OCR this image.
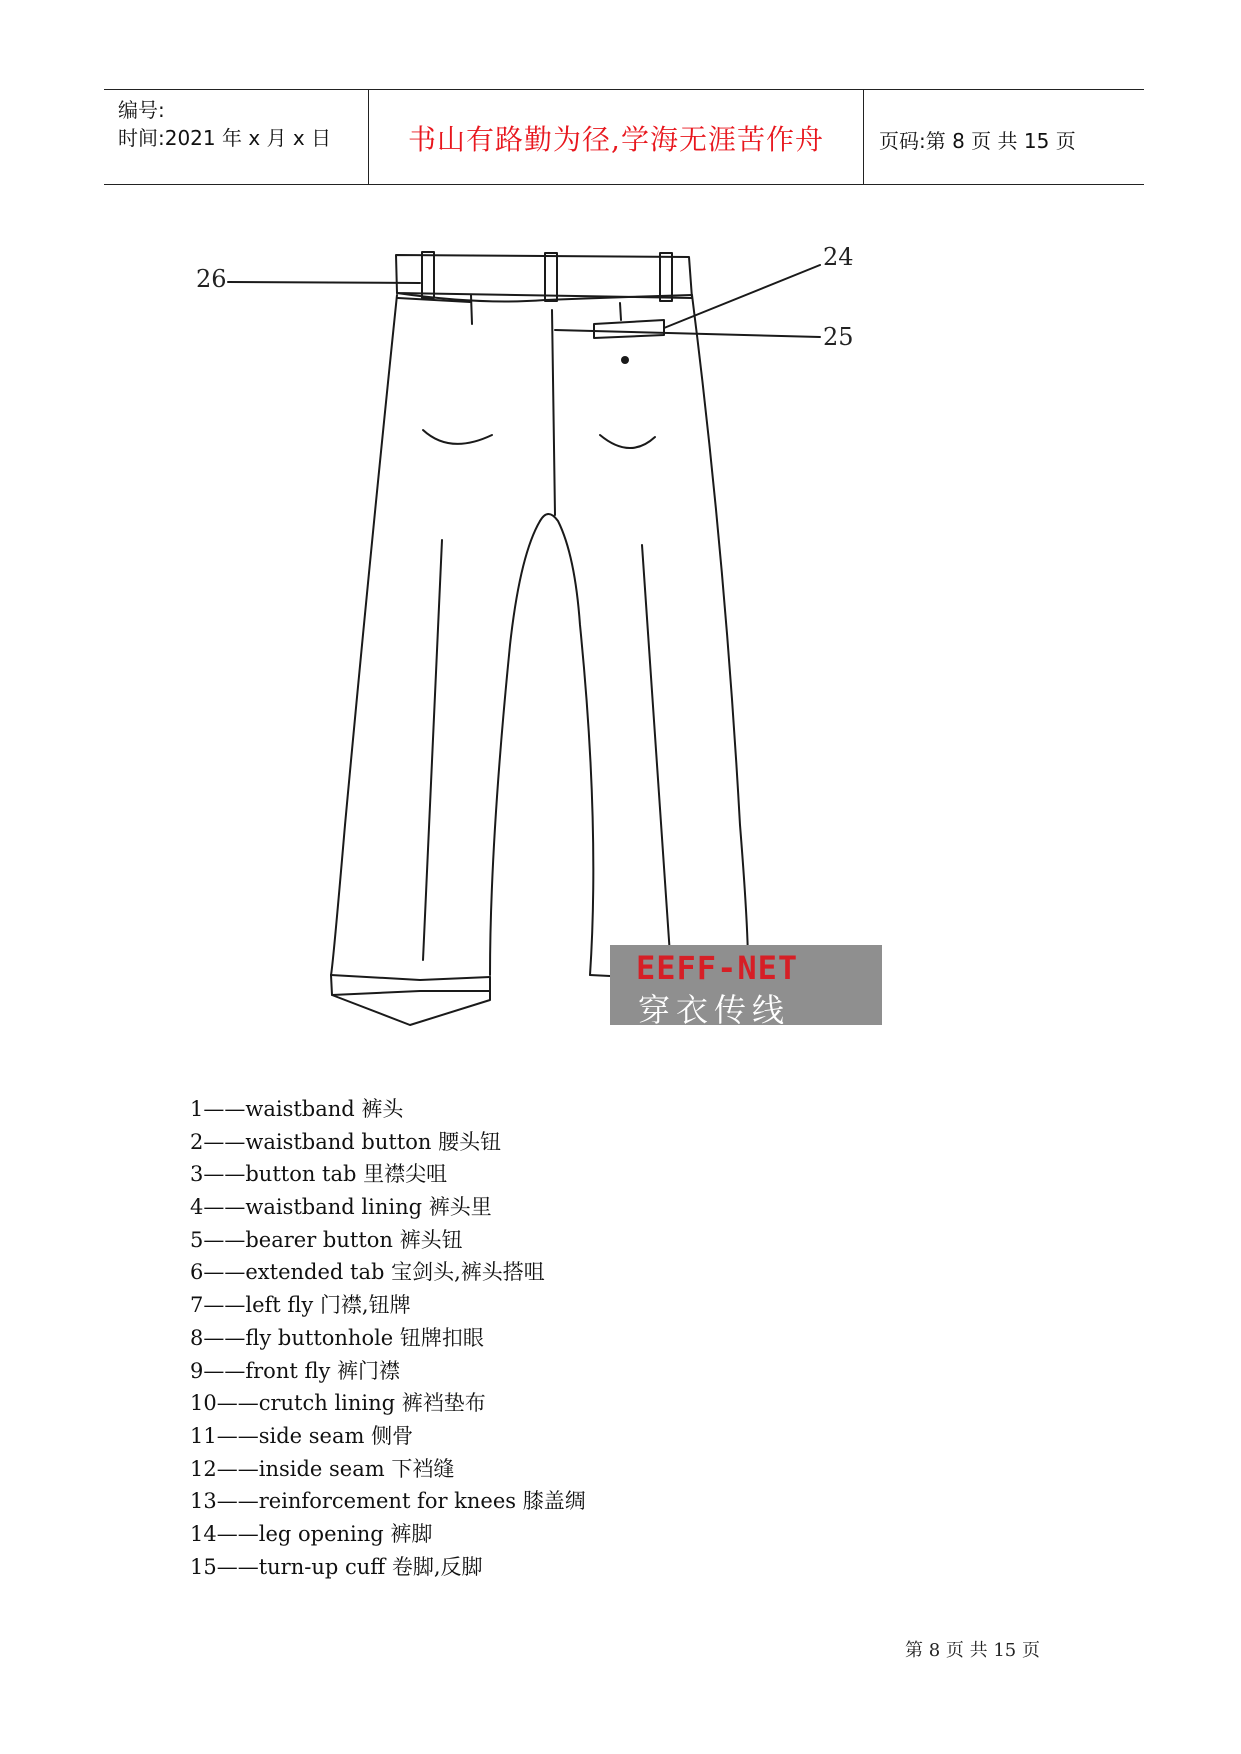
编号:
时间:2021 年 x 月 x 日	书山有路勤为径,学海无涯苦作舟	页码:第 8 页 共 15 页
26
24
25
EEFF-NET
穿衣传线
1——waistband 裤头
2——waistband button 腰头钮
3——button tab 里襟尖咀
4——waistband lining 裤头里
5——bearer button 裤头钮
6——extended tab 宝剑头,裤头搭咀
7——left fly 门襟,钮牌
8——fly buttonhole 钮牌扣眼
9——front fly 裤门襟
10——crutch lining 裤裆垫布
11——side seam 侧骨
12——inside seam 下裆缝
13——reinforcement for knees 膝盖绸
14——leg opening 裤脚
15——turn-up cuff 卷脚,反脚
第 8 页 共 15 页
